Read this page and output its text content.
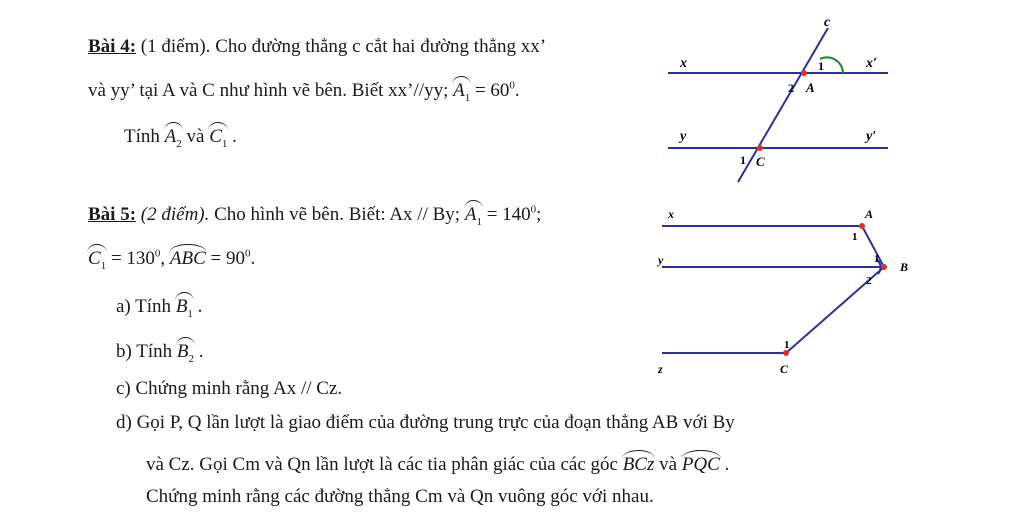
Bài 4: (1 điểm). Cho đường thẳng c cắt hai đường thẳng xx’
và yy’ tại A và C như hình vẽ bên. Biết xx’//yy; $A_1 = 60^0$.
Tính $A_2$ và $C_1$ .
Bài 5: (2 điểm). Cho hình vẽ bên. Biết: Ax // By; $A_1 = 140^0$;
$C_1 = 130^0$, ABC = $90^0$.
a) Tính $B_1$ .
b) Tính $B_2$ .
c) Chứng minh rằng Ax // Cz.
d) Gọi P, Q lần lượt là giao điểm của đường trung trực của đoạn thẳng AB với By
và Cz. Gọi Cm và Qn lần lượt là các tia phân giác của các góc BCz và PQC .
Chứng minh rằng các đường thẳng Cm và Qn vuông góc với nhau.
c
x	x′
y	y′
A
C
1
2
1
x
y
z
A
B
C
1
1
2
1
